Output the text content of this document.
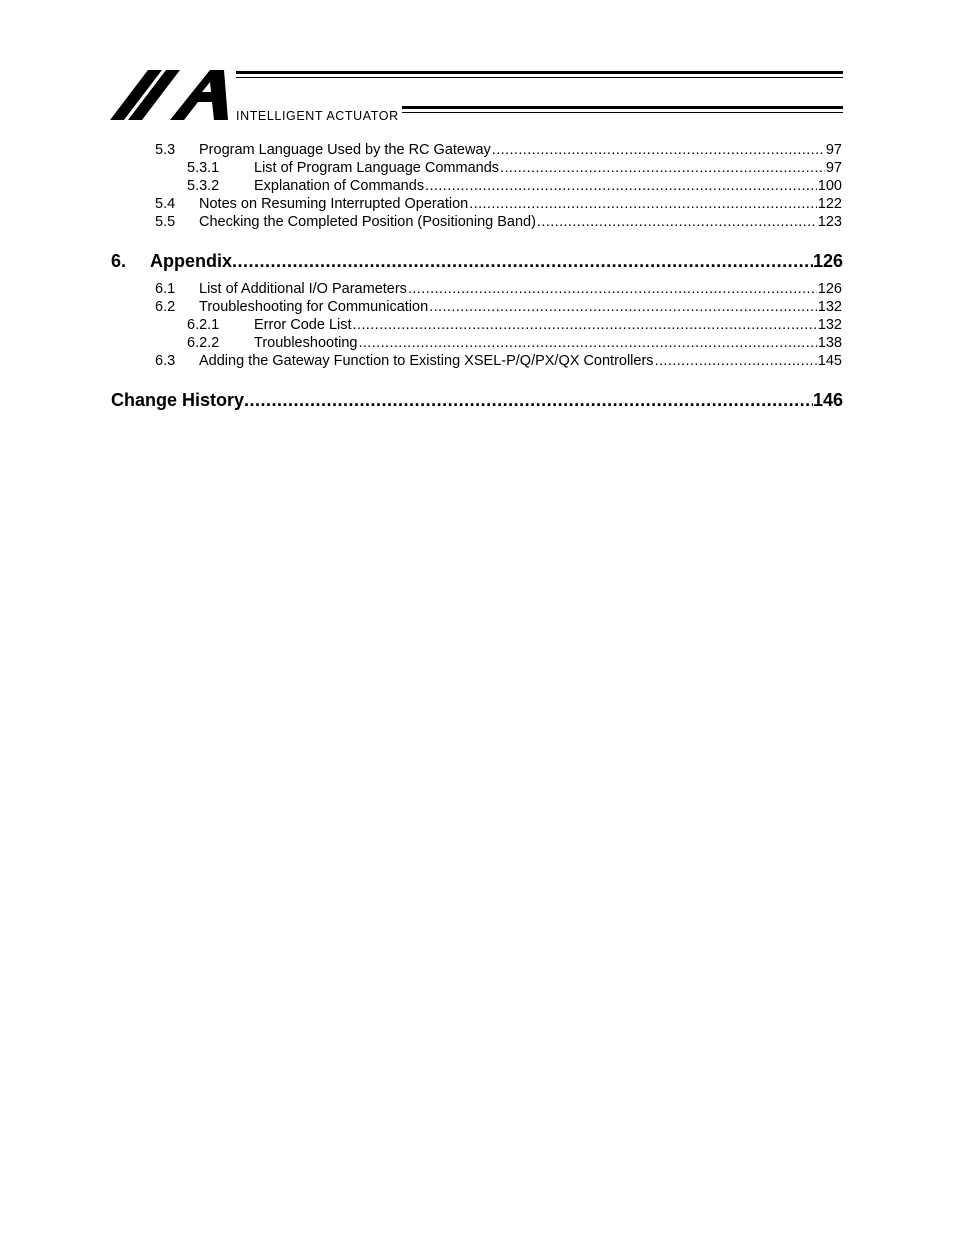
INTELLIGENT ACTUATOR
5.3 Program Language Used by the RC Gateway .....	97
5.3.1 List of Program Language Commands .....	97
5.3.2 Explanation of Commands .....	100
5.4 Notes on Resuming Interrupted Operation .....	122
5.5 Checking the Completed Position (Positioning Band) .....	123
6. Appendix .....	126
6.1 List of Additional I/O Parameters .....	126
6.2 Troubleshooting for Communication .....	132
6.2.1 Error Code List .....	132
6.2.2 Troubleshooting .....	138
6.3 Adding the Gateway Function to Existing XSEL-P/Q/PX/QX Controllers .....	145
Change History .....	146
